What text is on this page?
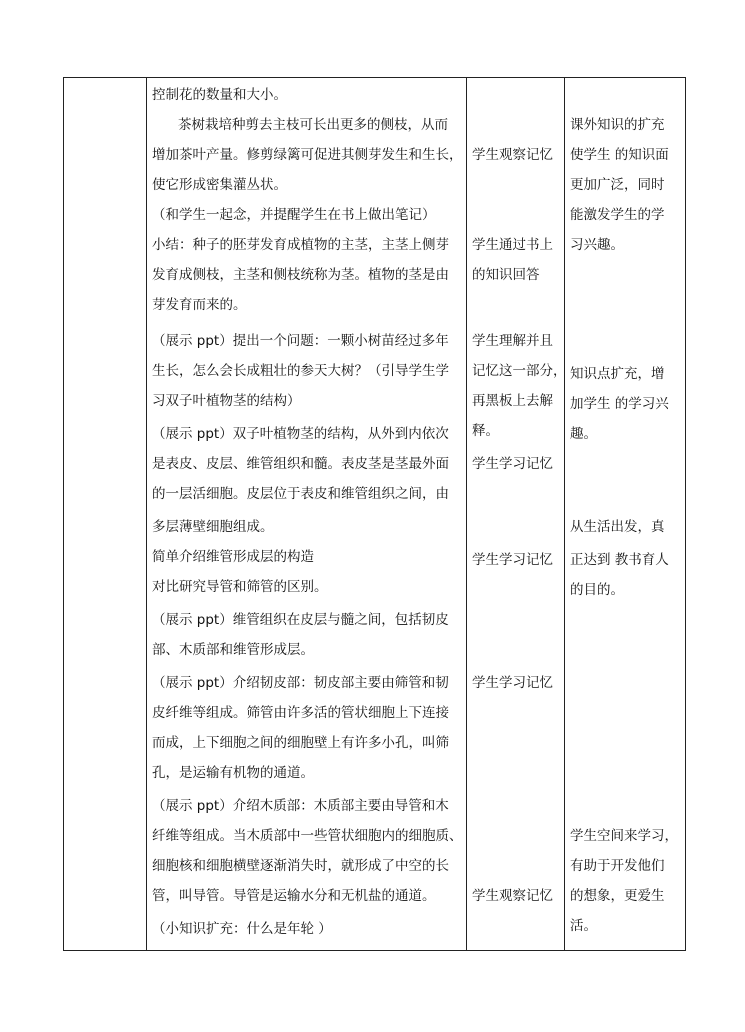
控制花的数量和大小。
茶树栽培种剪去主枝可长出更多的侧枝，从而
增加茶叶产量。修剪绿篱可促进其侧芽发生和生长，
使它形成密集灌丛状。
（和学生一起念，并提醒学生在书上做出笔记）
小结：种子的胚芽发育成植物的主茎，主茎上侧芽
发育成侧枝，主茎和侧枝统称为茎。植物的茎是由
芽发育而来的。
（展示 ppt）提出一个问题：一颗小树苗经过多年
生长，怎么会长成粗壮的参天大树？（引导学生学
习双子叶植物茎的结构）
（展示 ppt）双子叶植物茎的结构，从外到内依次
是表皮、皮层、维管组织和髓。表皮茎是茎最外面
的一层活细胞。皮层位于表皮和维管组织之间，由
多层薄壁细胞组成。
简单介绍维管形成层的构造
对比研究导管和筛管的区别。
（展示 ppt）维管组织在皮层与髓之间，包括韧皮
部、木质部和维管形成层。
（展示 ppt）介绍韧皮部：韧皮部主要由筛管和韧
皮纤维等组成。筛管由许多活的管状细胞上下连接
而成，上下细胞之间的细胞壁上有许多小孔，叫筛
孔，是运输有机物的通道。
（展示 ppt）介绍木质部：木质部主要由导管和木
纤维等组成。当木质部中一些管状细胞内的细胞质、
细胞核和细胞横壁逐渐消失时，就形成了中空的长
管，叫导管。导管是运输水分和无机盐的通道。
（小知识扩充：什么是年轮 ）
学生观察记忆
学生通过书上
的知识回答
学生理解并且
记忆这一部分，
再黑板上去解
释。
学生学习记忆
学生学习记忆
学生学习记忆
学生观察记忆
课外知识的扩充
使学生 的知识面
更加广泛，同时
能激发学生的学
习兴趣。
知识点扩充，增
加学生 的学习兴
趣。
从生活出发，真
正达到 教书育人
的目的。
学生空间来学习，
有助于开发他们
的想象，更爱生
活。
